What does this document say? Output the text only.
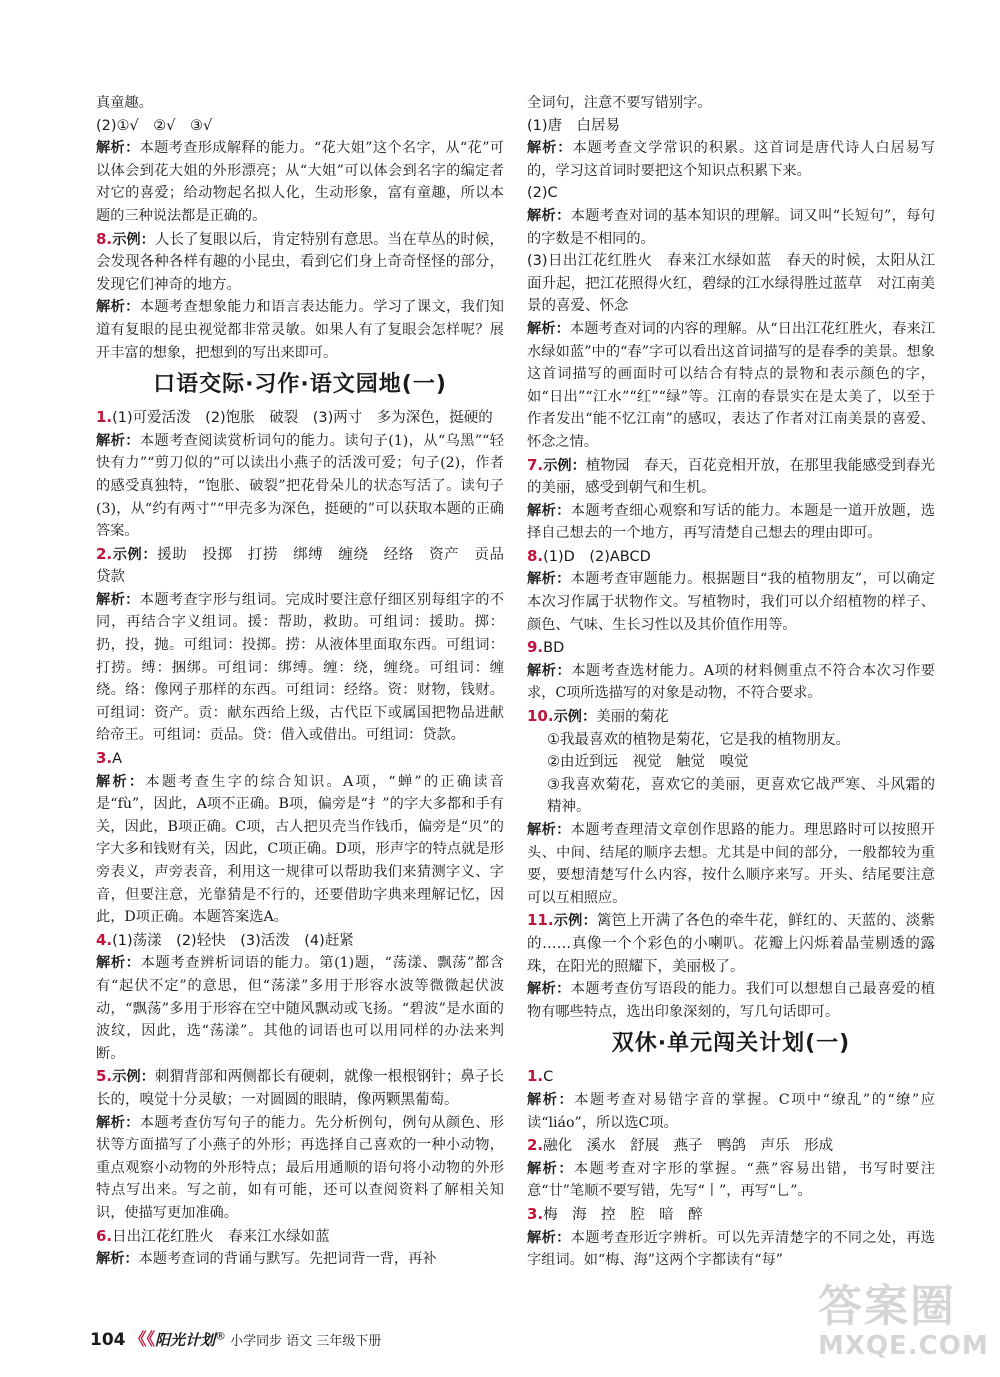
真童趣。

(2)①√　②√　③√

解析：本题考查形成解释的能力。“花大姐”这个名字，从“花”可以体会到花大姐的外形漂亮；从“大姐”可以体会到名字的编定者对它的喜爱；给动物起名拟人化，生动形象，富有童趣，所以本题的三种说法都是正确的。

8.示例：人长了复眼以后，肯定特别有意思。当在草丛的时候，会发现各种各样有趣的小昆虫，看到它们身上奇奇怪怪的部分，发现它们神奇的地方。

解析：本题考查想象能力和语言表达能力。学习了课文，我们知道有复眼的昆虫视觉都非常灵敏。如果人有了复眼会怎样呢？展开丰富的想象，把想到的写出来即可。

口语交际·习作·语文园地(一)

1.(1)可爱活泼　(2)饱胀　破裂　(3)两寸　多为深色，挺硬的

解析：本题考查阅读赏析词句的能力。读句子(1)，从“乌黑”“轻快有力”“剪刀似的”可以读出小燕子的活泼可爱；句子(2)，作者的感受真独特，“饱胀、破裂”把花骨朵儿的状态写活了。读句子(3)，从“约有两寸”“甲壳多为深色，挺硬的”可以获取本题的正确答案。

2.示例：援助　投掷　打捞　绑缚　缠绕　经络　资产　贡品　贷款

解析：本题考查字形与组词。完成时要注意仔细区别每组字的不同，再结合字义组词。援：帮助，救助。可组词：援助。掷：扔，投，抛。可组词：投掷。捞：从液体里面取东西。可组词：打捞。缚：捆绑。可组词：绑缚。缠：绕，缠绕。可组词：缠绕。络：像网子那样的东西。可组词：经络。资：财物，钱财。可组词：资产。贡：献东西给上级，古代臣下或属国把物品进献给帝王。可组词：贡品。贷：借入或借出。可组词：贷款。

3.A

解析：本题考查生字的综合知识。A项，“蝉”的正确读音是“fù”，因此，A项不正确。B项，偏旁是“扌”的字大多都和手有关，因此，B项正确。C项，古人把贝壳当作钱币，偏旁是“贝”的字大多和钱财有关，因此，C项正确。D项，形声字的特点就是形旁表义，声旁表音，利用这一规律可以帮助我们来猜测字义、字音，但要注意，光靠猜是不行的，还要借助字典来理解记忆，因此，D项正确。本题答案选A。

4.(1)荡漾　(2)轻快　(3)活泼　(4)赶紧

解析：本题考查辨析词语的能力。第(1)题，“荡漾、飘荡”都含有“起伏不定”的意思，但“荡漾”多用于形容水波等微微起伏波动，“飘荡”多用于形容在空中随风飘动或飞扬。“碧波”是水面的波纹，因此，选“荡漾”。其他的词语也可以用同样的办法来判断。

5.示例：刺猬背部和两侧都长有硬刺，就像一根根钢针；鼻子长长的，嗅觉十分灵敏；一对圆圆的眼睛，像两颗黑葡萄。

解析：本题考查仿写句子的能力。先分析例句，例句从颜色、形状等方面描写了小燕子的外形；再选择自己喜欢的一种小动物，重点观察小动物的外形特点；最后用通顺的语句将小动物的外形特点写出来。写之前，如有可能，还可以查阅资料了解相关知识，使描写更加准确。

6.日出江花红胜火　春来江水绿如蓝

解析：本题考查词的背诵与默写。先把词背一背，再补

全词句，注意不要写错别字。

(1)唐　白居易

解析：本题考查文学常识的积累。这首词是唐代诗人白居易写的，学习这首词时要把这个知识点积累下来。

(2)C

解析：本题考查对词的基本知识的理解。词又叫“长短句”，每句的字数是不相同的。

(3)日出江花红胜火　春来江水绿如蓝　春天的时候，太阳从江面升起，把江花照得火红，碧绿的江水绿得胜过蓝草　对江南美景的喜爱、怀念

解析：本题考查对词的内容的理解。从“日出江花红胜火，春来江水绿如蓝”中的“春”字可以看出这首词描写的是春季的美景。想象这首词描写的画面时可以结合有特点的景物和表示颜色的字，如“日出”“江水”“红”“绿”等。江南的春景实在是太美了，以至于作者发出“能不忆江南”的感叹，表达了作者对江南美景的喜爱、怀念之情。

7.示例：植物园　春天，百花竞相开放，在那里我能感受到春光的美丽，感受到朝气和生机。

解析：本题考查细心观察和写话的能力。本题是一道开放题，选择自己想去的一个地方，再写清楚自己想去的理由即可。

8.(1)D　(2)ABCD

解析：本题考查审题能力。根据题目“我的植物朋友”，可以确定本次习作属于状物作文。写植物时，我们可以介绍植物的样子、颜色、气味、生长习性以及其价值作用等。

9.BD

解析：本题考查选材能力。A项的材料侧重点不符合本次习作要求，C项所选描写的对象是动物，不符合要求。

10.示例：美丽的菊花

①我最喜欢的植物是菊花，它是我的植物朋友。

②由近到远　视觉　触觉　嗅觉

③我喜欢菊花，喜欢它的美丽，更喜欢它战严寒、斗风霜的精神。

解析：本题考查理清文章创作思路的能力。理思路时可以按照开头、中间、结尾的顺序去想。尤其是中间的部分，一般都较为重要，要想清楚写什么内容，按什么顺序来写。开头、结尾要注意可以互相照应。

11.示例：篱笆上开满了各色的牵牛花，鲜红的、天蓝的、淡紫的……真像一个个彩色的小喇叭。花瓣上闪烁着晶莹剔透的露珠，在阳光的照耀下，美丽极了。

解析：本题考查仿写语段的能力。我们可以想想自己最喜爱的植物有哪些特点，选出印象深刻的，写几句话即可。

双休·单元闯关计划(一)

1.C

解析：本题考查对易错字音的掌握。C项中“缭乱”的“缭”应读“liáo”，所以选C项。

2.融化　溪水　舒展　燕子　鸭鸽　声乐　形成

解析：本题考查对字形的掌握。“燕”容易出错，书写时要注意“廿”笔顺不要写错，先写“丨”，再写“乚”。

3.梅　海　控　腔　暗　醉

解析：本题考查形近字辨析。可以先弄清楚字的不同之处，再选字组词。如“梅、海”这两个字都读有“每”

104 《《阳光计划® 小学同步 语文 三年级下册
答案圈
MXQE.COM
